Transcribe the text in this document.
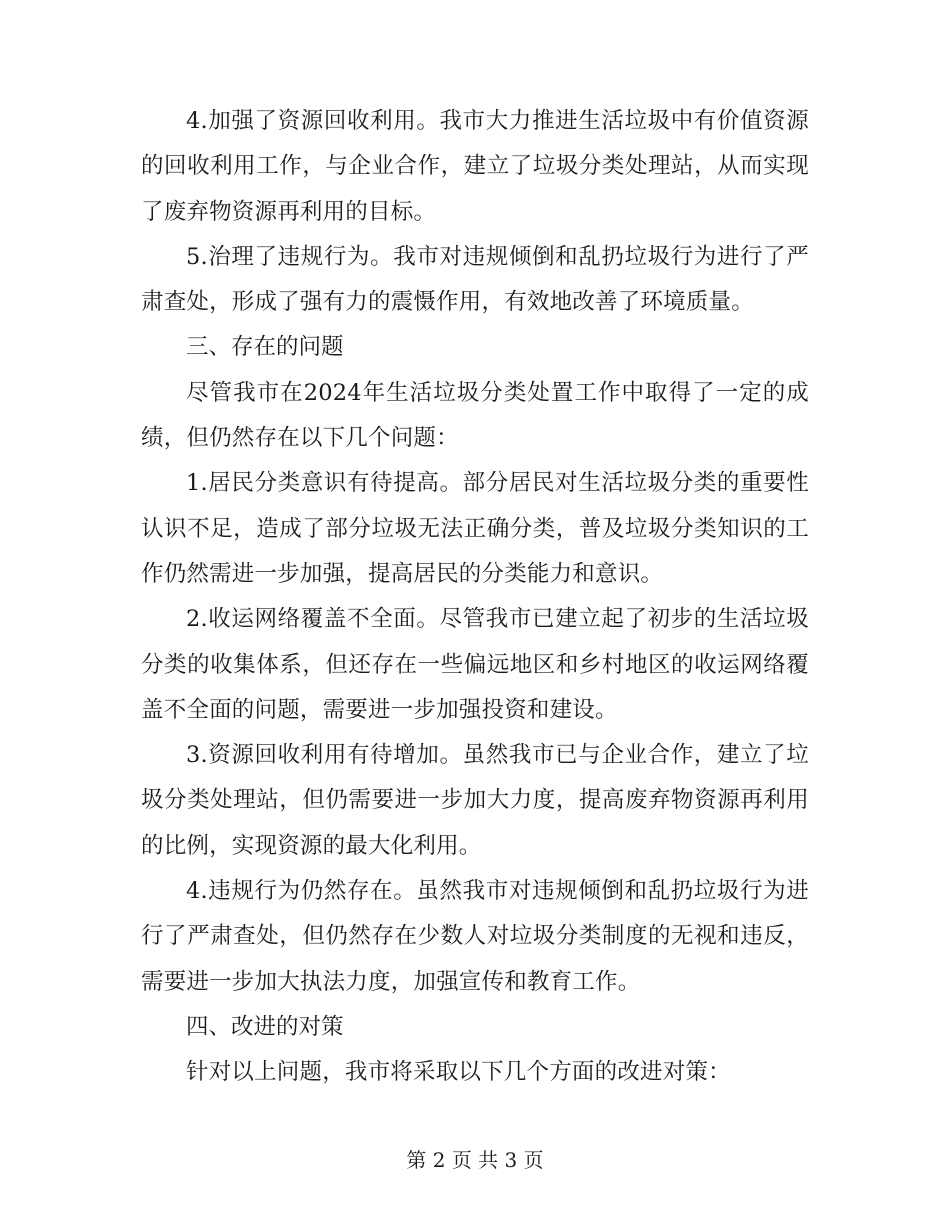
4.加强了资源回收利用。我市大力推进生活垃圾中有价值资源的回收利用工作，与企业合作，建立了垃圾分类处理站，从而实现了废弃物资源再利用的目标。

5.治理了违规行为。我市对违规倾倒和乱扔垃圾行为进行了严肃查处，形成了强有力的震慑作用，有效地改善了环境质量。

三、存在的问题

尽管我市在2024年生活垃圾分类处置工作中取得了一定的成绩，但仍然存在以下几个问题：

1.居民分类意识有待提高。部分居民对生活垃圾分类的重要性认识不足，造成了部分垃圾无法正确分类，普及垃圾分类知识的工作仍然需进一步加强，提高居民的分类能力和意识。

2.收运网络覆盖不全面。尽管我市已建立起了初步的生活垃圾分类的收集体系，但还存在一些偏远地区和乡村地区的收运网络覆盖不全面的问题，需要进一步加强投资和建设。

3.资源回收利用有待增加。虽然我市已与企业合作，建立了垃圾分类处理站，但仍需要进一步加大力度，提高废弃物资源再利用的比例，实现资源的最大化利用。

4.违规行为仍然存在。虽然我市对违规倾倒和乱扔垃圾行为进行了严肃查处，但仍然存在少数人对垃圾分类制度的无视和违反，需要进一步加大执法力度，加强宣传和教育工作。

四、改进的对策

针对以上问题，我市将采取以下几个方面的改进对策：

第 2 页 共 3 页
